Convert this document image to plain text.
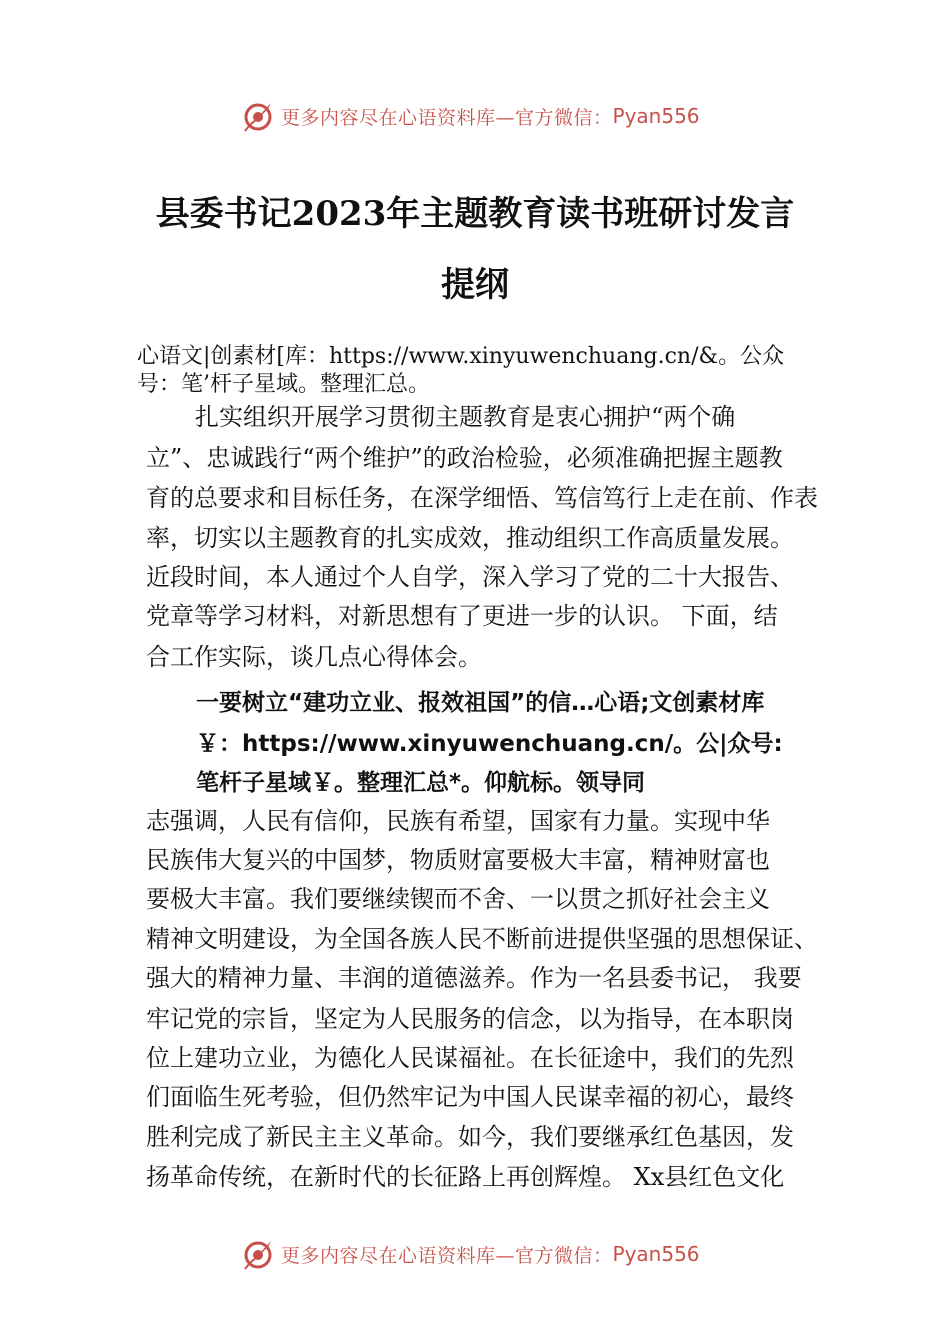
更多内容尽在心语资料库—官方微信： Pyan556
县委书记2023年主题教育读书班研讨发言
提纲
心语文|创素材[库：https://www.xinyuwenchuang.cn/&。公众
号：笔’杆子星域。整理汇总。
扎实组织开展学习贯彻主题教育是衷心拥护“两个确
立”、忠诚践行“两个维护”的政治检验，必须准确把握主题教
育的总要求和目标任务，在深学细悟、笃信笃行上走在前、作表
率，切实以主题教育的扎实成效，推动组织工作高质量发展。
近段时间，本人通过个人自学，深入学习了党的二十大报告、
党章等学习材料，对新思想有了更进一步的认识。 下面，结
合工作实际，谈几点心得体会。
一要树立“建功立业、报效祖国”的信…心语;文创素材库
￥：https://www.xinyuwenchuang.cn/。公|众号:
笔杆子星域￥。整理汇总*。仰航标。领导同
志强调，人民有信仰，民族有希望，国家有力量。实现中华
民族伟大复兴的中国梦，物质财富要极大丰富，精神财富也
要极大丰富。我们要继续锲而不舍、一以贯之抓好社会主义
精神文明建设，为全国各族人民不断前进提供坚强的思想保证、
强大的精神力量、丰润的道德滋养。作为一名县委书记， 我要
牢记党的宗旨，坚定为人民服务的信念，以为指导，在本职岗
位上建功立业，为德化人民谋福祉。在长征途中，我们的先烈
们面临生死考验，但仍然牢记为中国人民谋幸福的初心，最终
胜利完成了新民主主义革命。如今，我们要继承红色基因，发
扬革命传统，在新时代的长征路上再创辉煌。 Xx县红色文化
更多内容尽在心语资料库—官方微信： Pyan556
